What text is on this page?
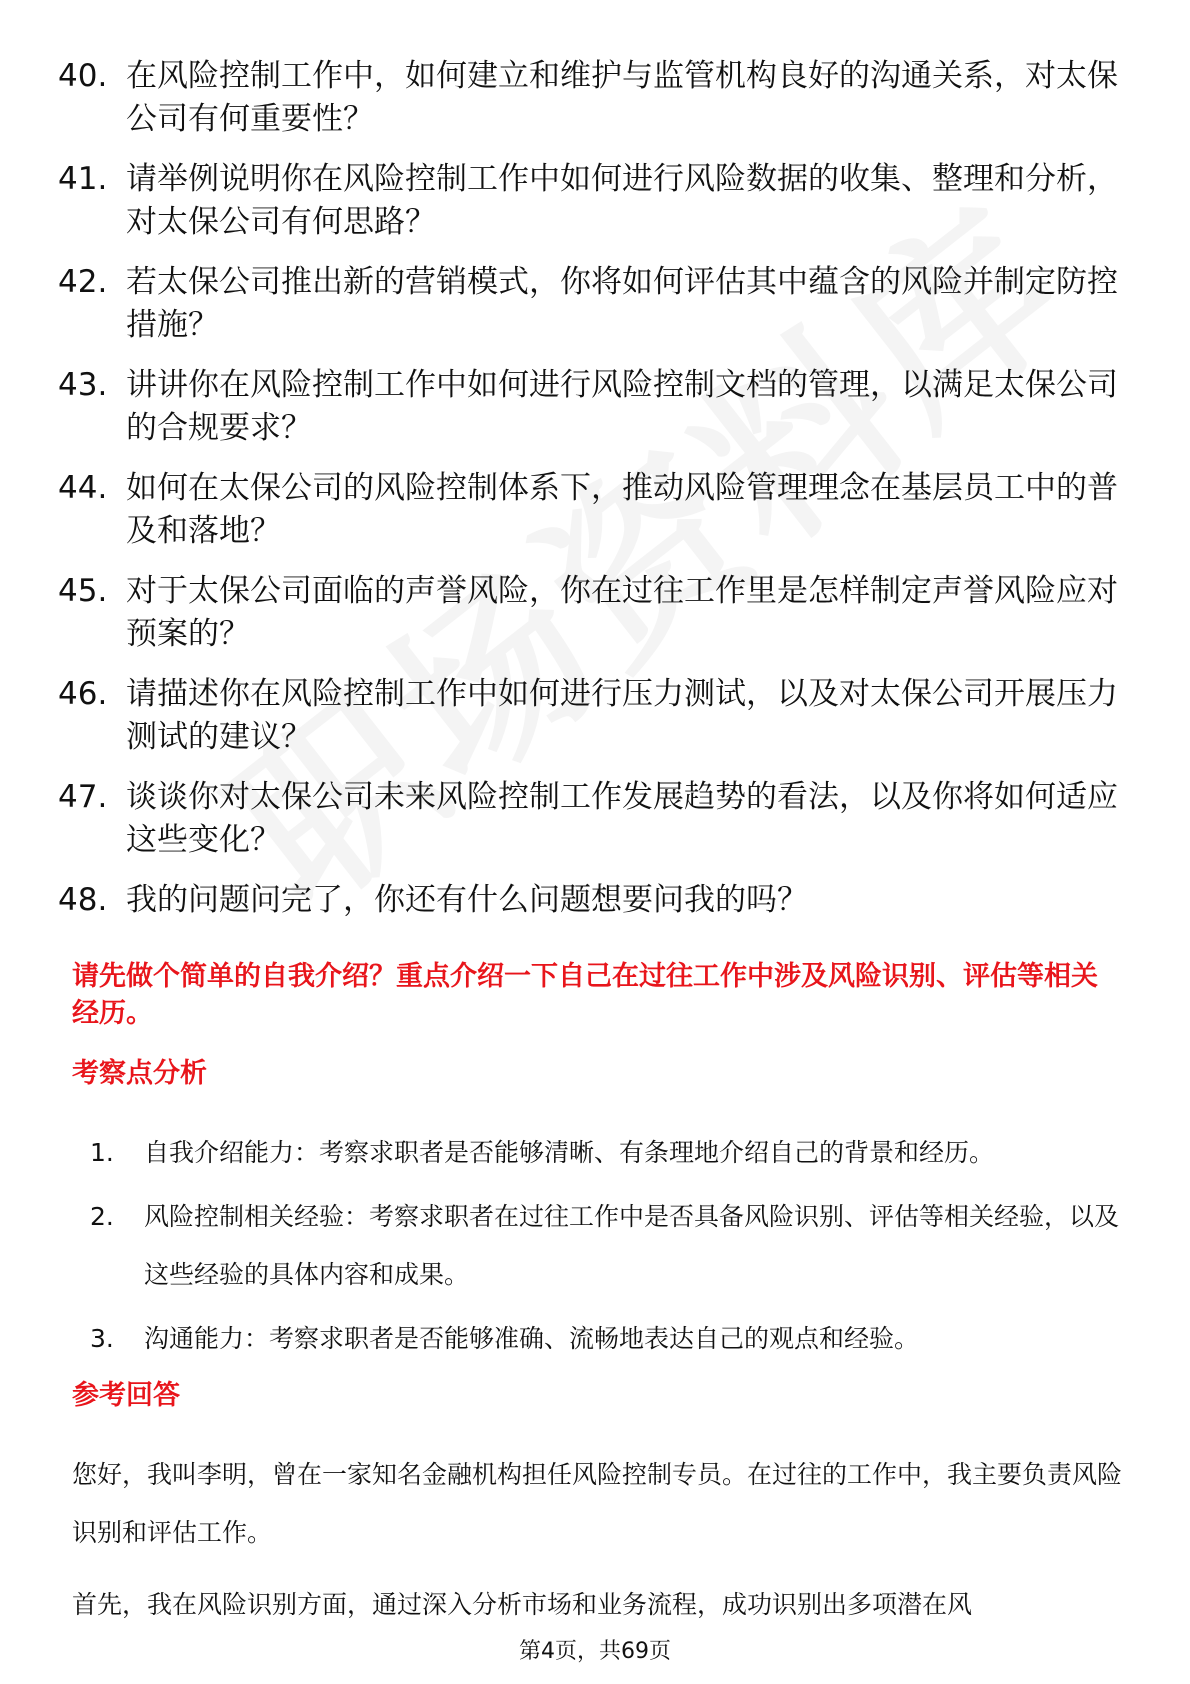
40. 在风险控制工作中，如何建立和维护与监管机构良好的沟通关系，对太保公司有何重要性？
41. 请举例说明你在风险控制工作中如何进行风险数据的收集、整理和分析，对太保公司有何思路？
42. 若太保公司推出新的营销模式，你将如何评估其中蕴含的风险并制定防控措施？
43. 讲讲你在风险控制工作中如何进行风险控制文档的管理，以满足太保公司的合规要求？
44. 如何在太保公司的风险控制体系下，推动风险管理理念在基层员工中的普及和落地？
45. 对于太保公司面临的声誉风险，你在过往工作里是怎样制定声誉风险应对预案的？
46. 请描述你在风险控制工作中如何进行压力测试，以及对太保公司开展压力测试的建议？
47. 谈谈你对太保公司未来风险控制工作发展趋势的看法，以及你将如何适应这些变化？
48. 我的问题问完了，你还有什么问题想要问我的吗？

请先做个简单的自我介绍？重点介绍一下自己在过往工作中涉及风险识别、评估等相关经历。

考察点分析
1.	自我介绍能力：考察求职者是否能够清晰、有条理地介绍自己的背景和经历。
2.	风险控制相关经验：考察求职者在过往工作中是否具备风险识别、评估等相关经验，以及这些经验的具体内容和成果。
3.	沟通能力：考察求职者是否能够准确、流畅地表达自己的观点和经验。
参考回答

您好，我叫李明，曾在一家知名金融机构担任风险控制专员。在过往的工作中，我主要负责风险识别和评估工作。

首先，我在风险识别方面，通过深入分析市场和业务流程，成功识别出多项潜在风

第4页，共69页
